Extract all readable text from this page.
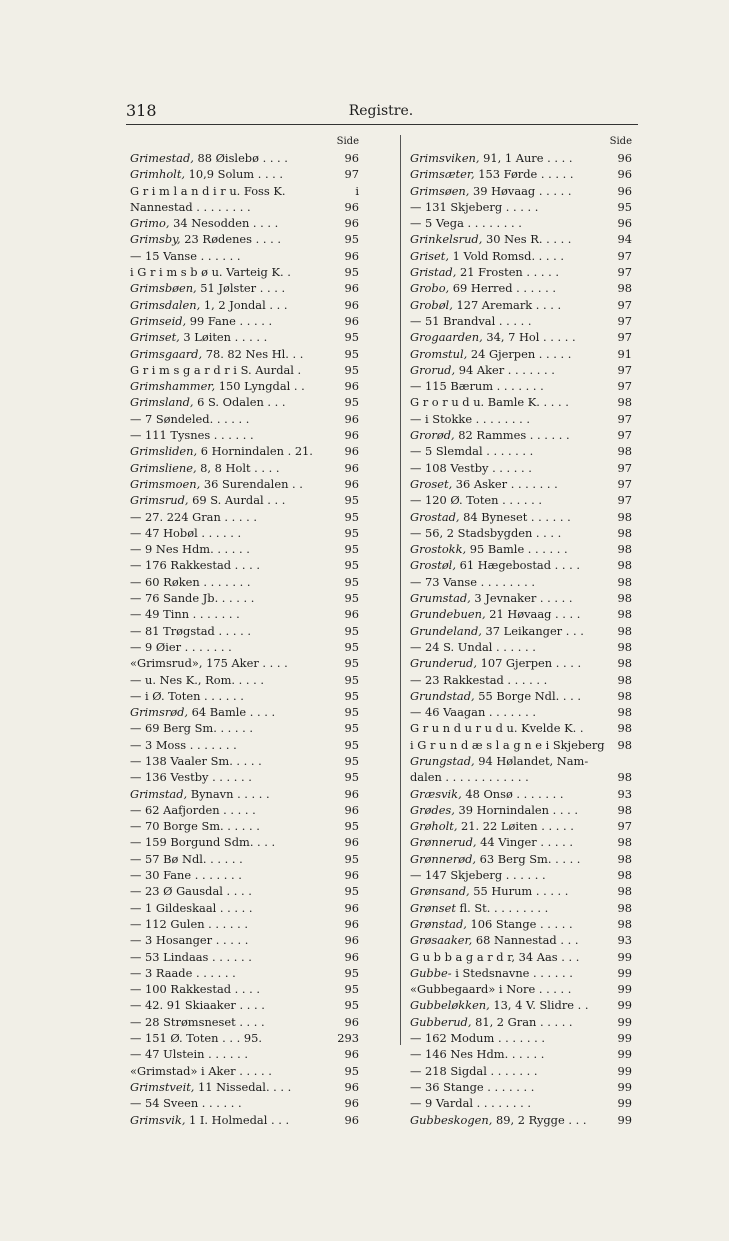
318	Registre.
Side
Grimestad, 88 Øislebø . . . .	96
Grimholt, 10,9 Solum . . . .	97
G r i m l a n d i r u. Foss K.	i
Nannestad . . . . . . . .	96
Grimo, 34 Nesodden . . . .	96
Grimsby, 23 Rødenes . . . .	95
— 15 Vanse . . . . . .	96
i G r i m s b ø u. Varteig K. .	95
Grimsbøen, 51 Jølster . . . .	96
Grimsdalen, 1, 2 Jondal . . .	96
Grimseid, 99 Fane . . . . .	96
Grimset, 3 Løiten . . . . .	95
Grimsgaard, 78. 82 Nes Hl. . .	95
G r i m s g a r d r i S. Aurdal .	95
Grimshammer, 150 Lyngdal . .	96
Grimsland, 6 S. Odalen . . .	95
— 7 Søndeled. . . . . .	96
— 111 Tysnes . . . . . .	96
Grimsliden, 6 Hornindalen . 21.	96
Grimsliene, 8, 8 Holt . . . .	96
Grimsmoen, 36 Surendalen . .	96
Grimsrud, 69 S. Aurdal . . .	95
— 27. 224 Gran . . . . .	95
— 47 Hobøl . . . . . .	95
— 9 Nes Hdm. . . . . .	95
— 176 Rakkestad . . . .	95
— 60 Røken . . . . . . .	95
— 76 Sande Jb. . . . . .	95
— 49 Tinn . . . . . . .	96
— 81 Trøgstad . . . . .	95
— 9 Øier . . . . . . .	95
«Grimsrud», 175 Aker . . . .	95
— u. Nes K., Rom. . . . .	95
— i Ø. Toten . . . . . .	95
Grimsrød, 64 Bamle . . . .	95
— 69 Berg Sm. . . . . .	95
— 3 Moss . . . . . . .	95
— 138 Vaaler Sm. . . . .	95
— 136 Vestby . . . . . .	95
Grimstad, Bynavn . . . . .	96
— 62 Aafjorden . . . . .	96
— 70 Borge Sm. . . . . .	95
— 159 Borgund Sdm. . . .	96
— 57 Bø Ndl. . . . . .	95
— 30 Fane . . . . . . .	96
— 23 Ø Gausdal . . . .	95
— 1 Gildeskaal . . . . .	96
— 112 Gulen . . . . . .	96
— 3 Hosanger . . . . .	96
— 53 Lindaas . . . . . .	96
— 3 Raade . . . . . .	95
— 100 Rakkestad . . . .	95
— 42. 91 Skiaaker . . . .	95
— 28 Strømsneset . . . .	96
— 151 Ø. Toten . . . 95.	293
— 47 Ulstein . . . . . .	96
«Grimstad» i Aker . . . . .	95
Grimstveit, 11 Nissedal. . . .	96
— 54 Sveen . . . . . .	96
Grimsvik, 1 I. Holmedal . . .	96
Side
Grimsviken, 91, 1 Aure . . . .	96
Grimsæter, 153 Førde . . . . .	96
Grimsøen, 39 Høvaag . . . . .	96
— 131 Skjeberg . . . . .	95
— 5 Vega . . . . . . . .	96
Grinkelsrud, 30 Nes R. . . . .	94
Griset, 1 Vold Romsd. . . . .	97
Gristad, 21 Frosten . . . . .	97
Grobo, 69 Herred . . . . . .	98
Grobøl, 127 Aremark . . . .	97
— 51 Brandval . . . . .	97
Grogaarden, 34, 7 Hol . . . . .	97
Gromstul, 24 Gjerpen . . . . .	91
Grorud, 94 Aker . . . . . . .	97
— 115 Bærum . . . . . . .	97
G r o r u d u. Bamle K. . . . .	98
— i Stokke . . . . . . . .	97
Grorød, 82 Rammes . . . . . .	97
— 5 Slemdal . . . . . . .	98
— 108 Vestby . . . . . .	97
Groset, 36 Asker . . . . . . .	97
— 120 Ø. Toten . . . . . .	97
Grostad, 84 Byneset . . . . . .	98
— 56, 2 Stadsbygden . . . .	98
Grostokk, 95 Bamle . . . . . .	98
Grostøl, 61 Hægebostad . . . .	98
— 73 Vanse . . . . . . . .	98
Grumstad, 3 Jevnaker . . . . .	98
Grundebuen, 21 Høvaag . . . .	98
Grundeland, 37 Leikanger . . .	98
— 24 S. Undal . . . . . .	98
Grunderud, 107 Gjerpen . . . .	98
— 23 Rakkestad . . . . . .	98
Grundstad, 55 Borge Ndl. . . .	98
— 46 Vaagan . . . . . . .	98
G r u n d u r u d u. Kvelde K. .	98
i G r u n d æ s l a g n e i Skjeberg	98
Grungstad, 94 Hølandet, Nam-
dalen . . . . . . . . . . . .	98
Græsvik, 48 Onsø . . . . . . .	93
Grødes, 39 Hornindalen . . . .	98
Grøholt, 21. 22 Løiten . . . . .	97
Grønnerud, 44 Vinger . . . . .	98
Grønnerød, 63 Berg Sm. . . . .	98
— 147 Skjeberg . . . . . .	98
Grønsand, 55 Hurum . . . . .	98
Grønset fl. St. . . . . . . . .	98
Grønstad, 106 Stange . . . . .	98
Grøsaaker, 68 Nannestad . . .	93
G u b b a g a r d r, 34 Aas . . .	99
Gubbe- i Stedsnavne . . . . . .	99
«Gubbegaard» i Nore . . . . .	99
Gubbeløkken, 13, 4 V. Slidre . .	99
Gubberud, 81, 2 Gran . . . . .	99
— 162 Modum . . . . . . .	99
— 146 Nes Hdm. . . . . .	99
— 218 Sigdal . . . . . . .	99
— 36 Stange . . . . . . .	99
— 9 Vardal . . . . . . . .	99
Gubbeskogen, 89, 2 Rygge . . .	99
